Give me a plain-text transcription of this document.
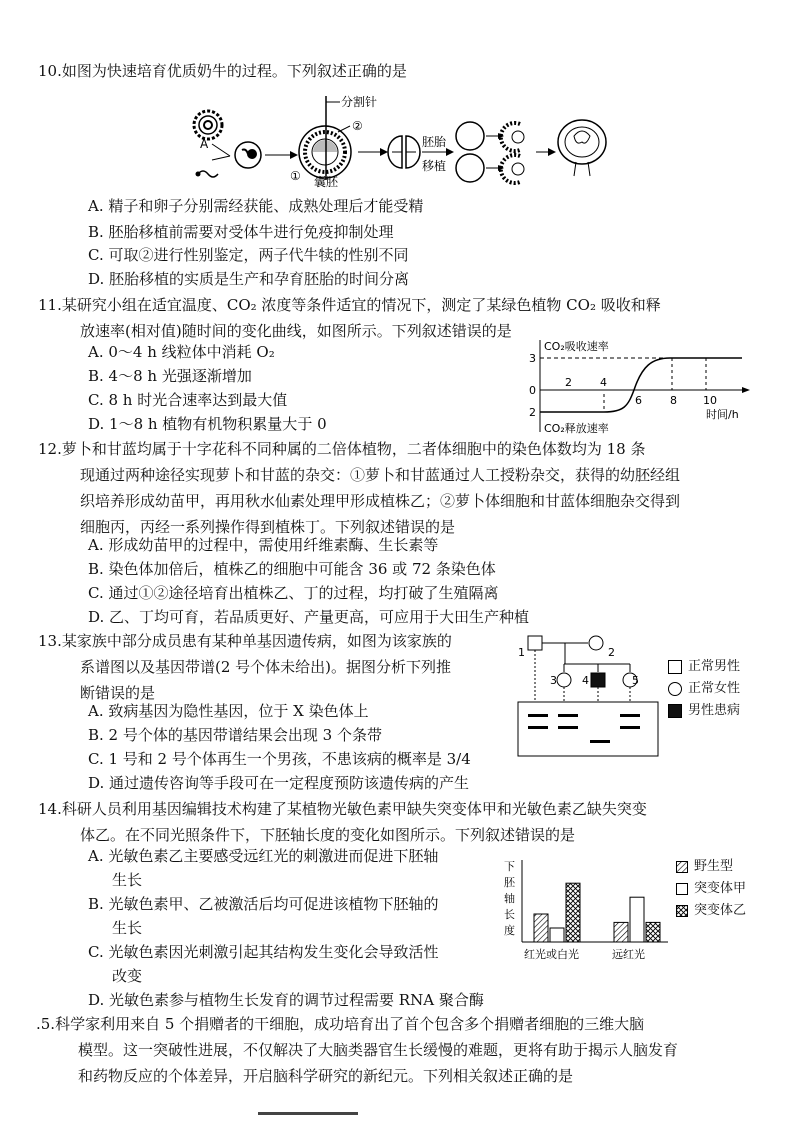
10.如图为快速培育优质奶牛的过程。下列叙述正确的是

A
分割针
②
① 囊胚
胚胎
移植
A. 精子和卵子分别需经获能、成熟处理后才能受精
B. 胚胎移植前需要对受体牛进行免疫抑制处理
C. 可取②进行性别鉴定，两子代牛犊的性别不同
D. 胚胎移植的实质是生产和孕育胚胎的时间分离

11.某研究小组在适宜温度、CO₂ 浓度等条件适宜的情况下，测定了某绿色植物 CO₂ 吸收和释

放速率(相对值)随时间的变化曲线，如图所示。下列叙述错误的是

A. 0～4 h 线粒体中消耗 O₂
B. 4～8 h 光强逐渐增加
C. 8 h 时光合速率达到最大值
D. 1～8 h 植物有机物积累量大于 0
CO₂吸收速率
CO₂释放速率
时间/h
3
0
2
2	4
6	8 10

12.萝卜和甘蓝均属于十字花科不同种属的二倍体植物，二者体细胞中的染色体数均为 18 条

现通过两种途径实现萝卜和甘蓝的杂交：①萝卜和甘蓝通过人工授粉杂交，获得的幼胚经组

织培养形成幼苗甲，再用秋水仙素处理甲形成植株乙；②萝卜体细胞和甘蓝体细胞杂交得到

细胞丙，丙经一系列操作得到植株丁。下列叙述错误的是

A. 形成幼苗甲的过程中，需使用纤维素酶、生长素等
B. 染色体加倍后，植株乙的细胞中可能含 36 或 72 条染色体
C. 通过①②途径培育出植株乙、丁的过程，均打破了生殖隔离
D. 乙、丁均可育，若品质更好、产量更高，可应用于大田生产种植

13.某家族中部分成员患有某种单基因遗传病，如图为该家族的

系谱图以及基因带谱(2 号个体未给出)。据图分析下列推

断错误的是

A. 致病基因为隐性基因，位于 X 染色体上
B. 2 号个体的基因带谱结果会出现 3 个条带
C. 1 号和 2 号个体再生一个男孩，不患该病的概率是 3/4
D. 通过遗传咨询等手段可在一定程度预防该遗传病的产生
1	2
3 4	5
正常男性
正常女性
男性患病

14.科研人员利用基因编辑技术构建了某植物光敏色素甲缺失突变体甲和光敏色素乙缺失突变

体乙。在不同光照条件下，下胚轴长度的变化如图所示。下列叙述错误的是

A. 光敏色素乙主要感受远红光的刺激进而促进下胚轴
生长
B. 光敏色素甲、乙被激活后均可促进该植物下胚轴的
生长
C. 光敏色素因光刺激引起其结构发生变化会导致活性
改变
D. 光敏色素参与植物生长发育的调节过程需要 RNA 聚合酶
下胚轴长度
红光或白光	远红光
野生型
突变体甲
突变体乙

.5.科学家利用来自 5 个捐赠者的干细胞，成功培育出了首个包含多个捐赠者细胞的三维大脑

模型。这一突破性进展，不仅解决了大脑类器官生长缓慢的难题，更将有助于揭示人脑发育

和药物反应的个体差异，开启脑科学研究的新纪元。下列相关叙述正确的是
